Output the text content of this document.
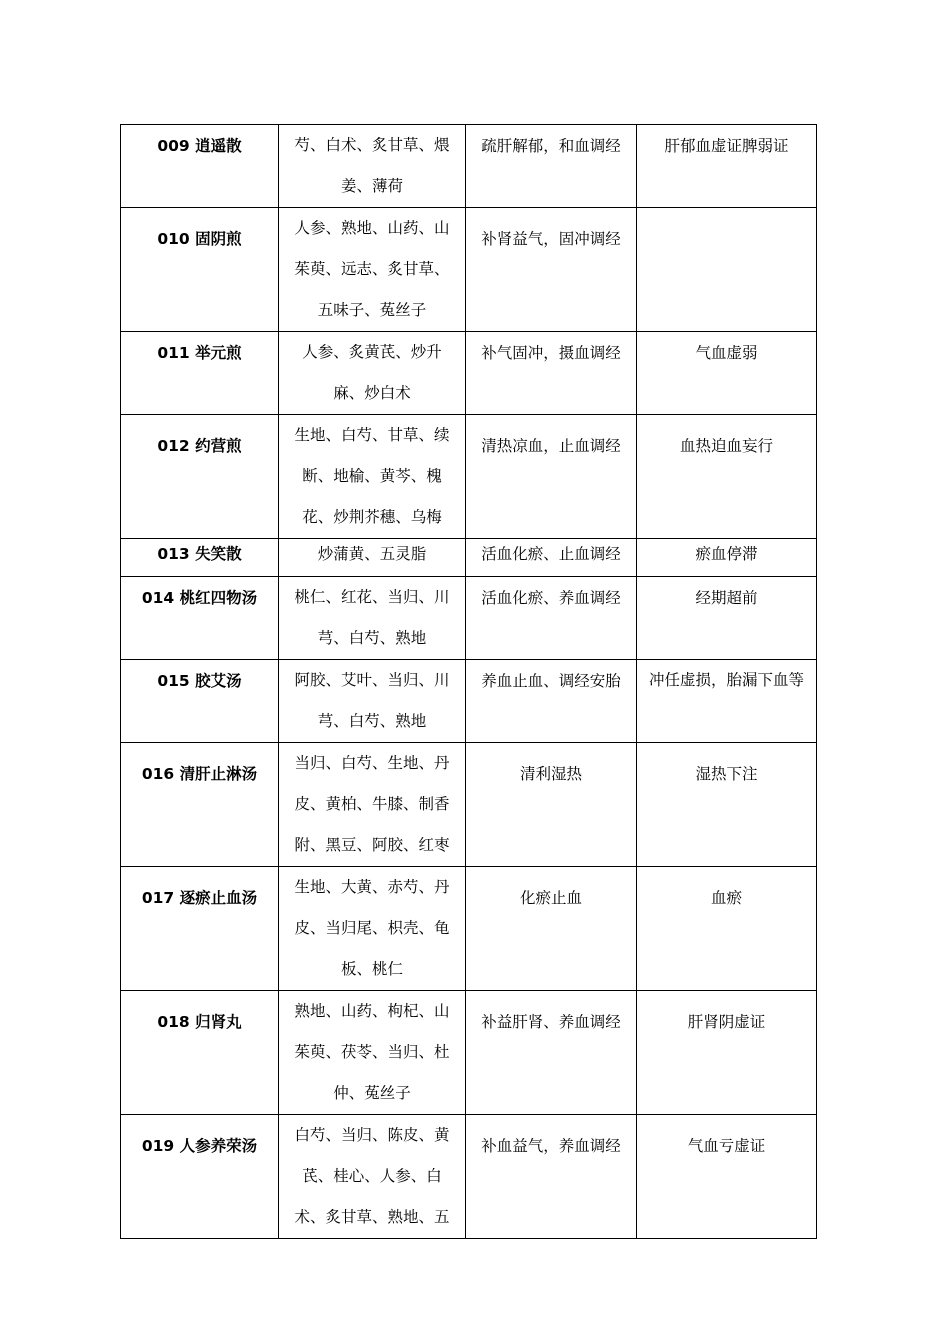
009 逍遥散	芍、白术、炙甘草、煨姜、薄荷	疏肝解郁，和血调经	肝郁血虚证脾弱证
010 固阴煎	人参、熟地、山药、山茱萸、远志、炙甘草、五味子、菟丝子	补肾益气，固冲调经	
011 举元煎	人参、炙黄芪、炒升麻、炒白术	补气固冲，摄血调经	气血虚弱
012 约营煎	生地、白芍、甘草、续断、地榆、黄芩、槐花、炒荆芥穗、乌梅	清热凉血，止血调经	血热迫血妄行
013 失笑散	炒蒲黄、五灵脂	活血化瘀、止血调经	瘀血停滞
014 桃红四物汤	桃仁、红花、当归、川芎、白芍、熟地	活血化瘀、养血调经	经期超前
015 胶艾汤	阿胶、艾叶、当归、川芎、白芍、熟地	养血止血、调经安胎	冲任虚损，胎漏下血等
016 清肝止淋汤	当归、白芍、生地、丹皮、黄柏、牛膝、制香附、黑豆、阿胶、红枣	清利湿热	湿热下注
017 逐瘀止血汤	生地、大黄、赤芍、丹皮、当归尾、枳壳、龟板、桃仁	化瘀止血	血瘀
018 归肾丸	熟地、山药、枸杞、山茱萸、茯苓、当归、杜仲、菟丝子	补益肝肾、养血调经	肝肾阴虚证
019 人参养荣汤	白芍、当归、陈皮、黄芪、桂心、人参、白术、炙甘草、熟地、五	补血益气，养血调经	气血亏虚证
